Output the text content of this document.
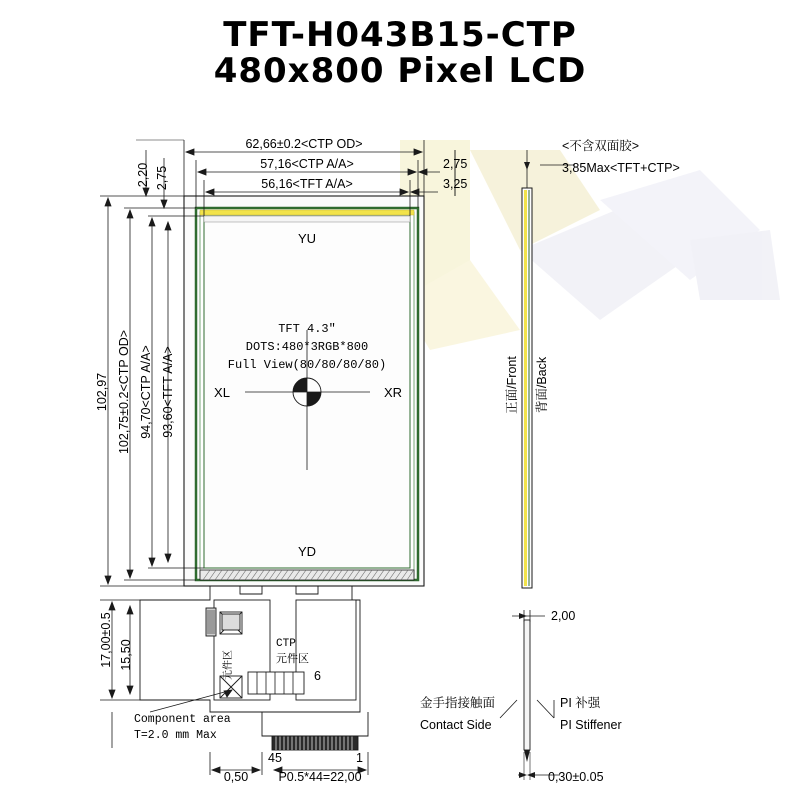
TFT-H043B15-CTP
480x800 Pixel LCD
YU
YD
XL	XR
TFT 4.3″
DOTS:480*3RGB*800
Full View(80/80/80/80)
62,66±0.2<CTP OD>
57,16<CTP A/A>
56,16<TFT A/A>
2,75
3,25
2,20 2,75
93,60<TFT A/A>
94,70<CTP A/A>
102,75±0.2<CTP OD>
102,97
CTP
元件区
元件区	6
Component area
T=2.0 mm Max
17,00±0.5 15,50
0,50 P0.5*44=22,00
45	1
<不含双面胶>
3,85Max<TFT+CTP>
正面/Front 背面/Back
2,00
0,30±0.05
金手指接触面
Contact Side
PI 补强
PI Stiffener
